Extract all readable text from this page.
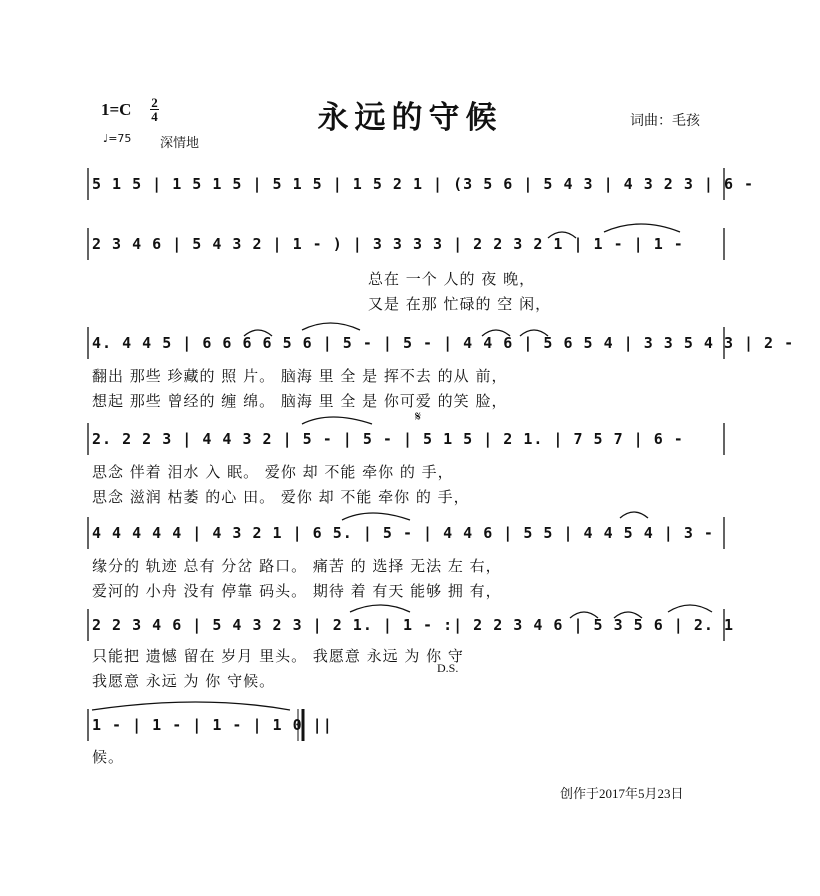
1=C 2
4	永远的守候	词曲：毛孩
♩=75 深情地
5 1 5 | 1 5 1 5 | 5 1 5 | 1 5 2 1 | (3 5 6 | 5 4 3 | 4 3 2 3 | 6 -
2 3 4 6 | 5 4 3 2 | 1 - ) | 3 3 3 3 | 2 2 3 2 1 | 1 - | 1 -
总在 一个 人的 夜 晚，
又是 在那 忙碌的 空 闲，
4. 4 4 5 | 6 6 6 6 5 6 | 5 - | 5 - | 4 4 6 | 5 6 5 4 | 3 3 5 4 3 | 2 -
翻出 那些 珍藏的 照 片。 脑海 里 全 是 挥不去 的从 前，
想起 那些 曾经的 缠 绵。 脑海 里 全 是 你可爱 的笑 脸，
𝄋
2. 2 2 3 | 4 4 3 2 | 5 - | 5 - | 5 1 5 | 2 1. | 7 5 7 | 6 -
思念 伴着 泪水 入 眠。 爱你 却 不能 牵你 的 手，
思念 滋润 枯萎 的心 田。 爱你 却 不能 牵你 的 手，
4 4 4 4 4 | 4 3 2 1 | 6 5. | 5 - | 4 4 6 | 5 5 | 4 4 5 4 | 3 -
缘分的 轨迹 总有 分岔 路口。 痛苦 的 选择 无法 左 右，
爱河的 小舟 没有 停靠 码头。 期待 着 有天 能够 拥 有，
2 2 3 4 6 | 5 4 3 2 3 | 2 1. | 1 - :| 2 2 3 4 6 | 5 3 5 6 | 2. 1
只能把 遗憾 留在 岁月 里头。 我愿意 永远 为 你 守
我愿意 永远 为 你 守候。
D.S.
1 - | 1 - | 1 - | 1 0 ||
候。
创作于2017年5月23日
